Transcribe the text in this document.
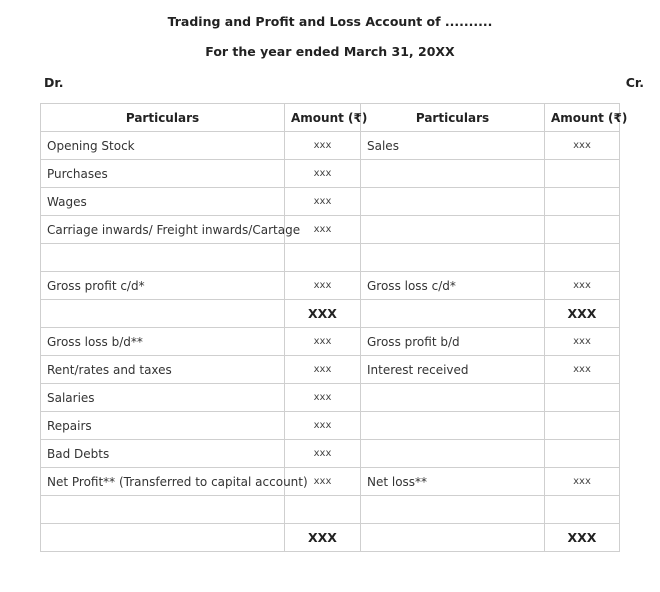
Trading and Profit and Loss Account of ..........
For the year ended March 31, 20XX
Dr.	Cr.
Particulars	Amount (₹)	Particulars	Amount (₹)
Opening Stock	xxx	Sales	xxx
Purchases	xxx		
Wages	xxx		
Carriage inwards/ Freight inwards/Cartage	xxx		

Gross profit c/d*	xxx	Gross loss c/d*	xxx
	XXX		XXX
Gross loss b/d**	xxx	Gross profit b/d	xxx
Rent/rates and taxes	xxx	Interest received	xxx
Salaries	xxx		
Repairs	xxx		
Bad Debts	xxx		
Net Profit** (Transferred to capital account)	xxx	Net loss**	xxx

	XXX		XXX
